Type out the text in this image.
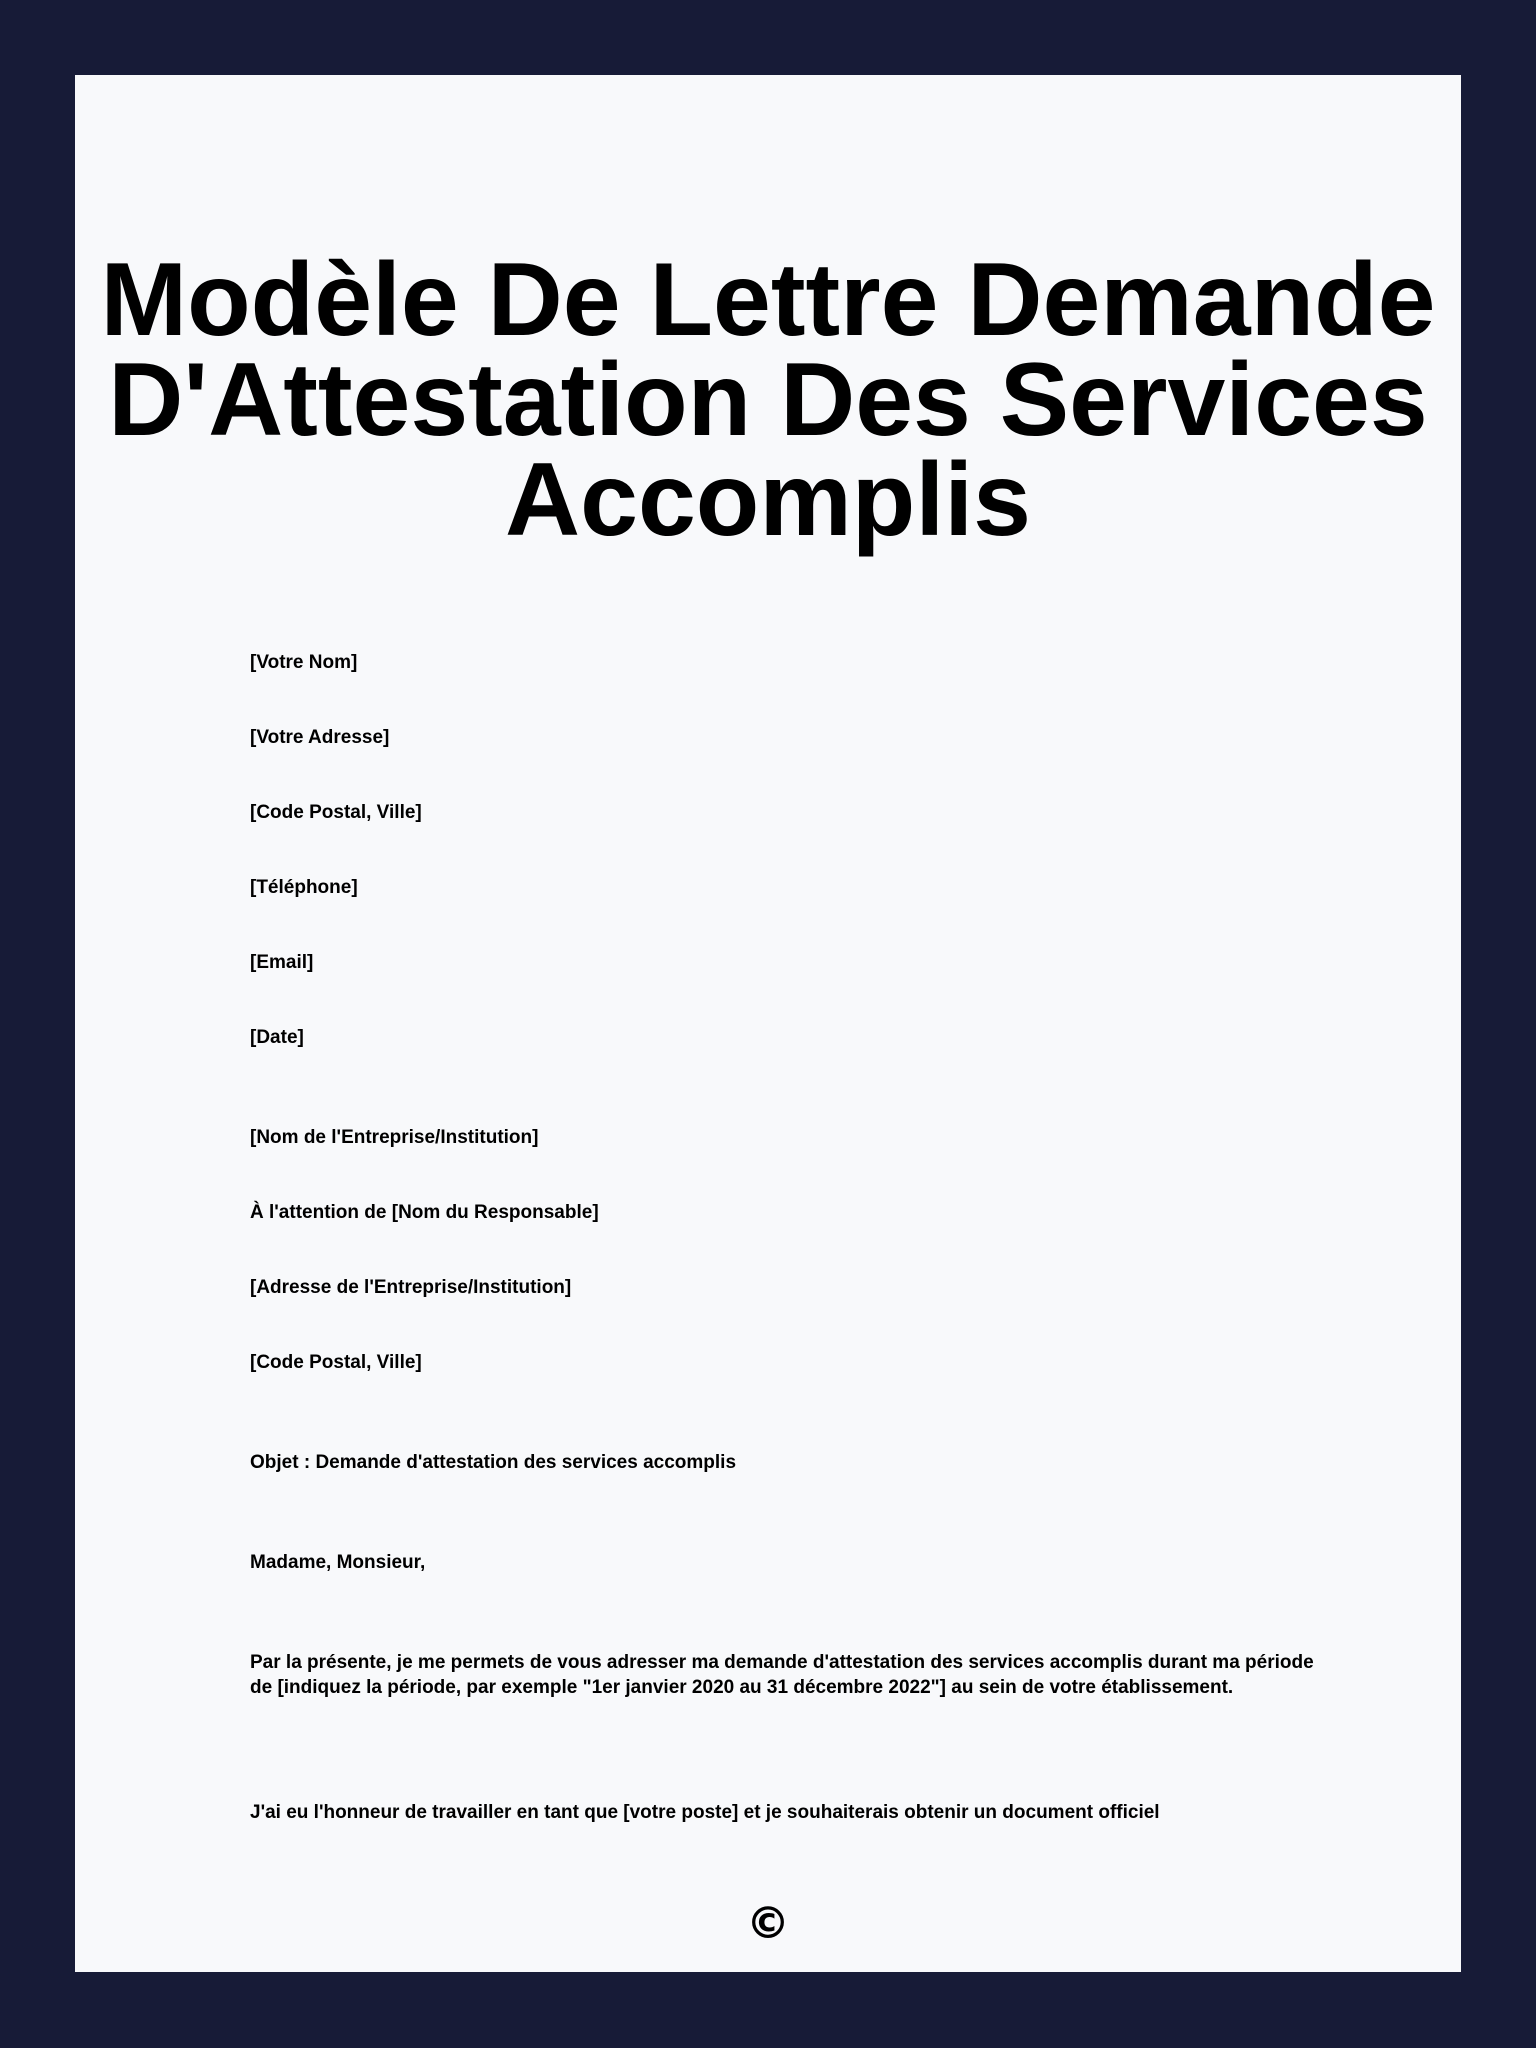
Modèle De Lettre Demande
D'Attestation Des Services
Accomplis

[Votre Nom]

[Votre Adresse]

[Code Postal, Ville]

[Téléphone]

[Email]

[Date]

[Nom de l'Entreprise/Institution]

À l'attention de [Nom du Responsable]

[Adresse de l'Entreprise/Institution]

[Code Postal, Ville]

Objet : Demande d'attestation des services accomplis

Madame, Monsieur,

Par la présente, je me permets de vous adresser ma demande d'attestation des services accomplis durant ma période de [indiquez la période, par exemple "1er janvier 2020 au 31 décembre 2022"] au sein de votre établissement.

J'ai eu l'honneur de travailler en tant que [votre poste] et je souhaiterais obtenir un document officiel

©
